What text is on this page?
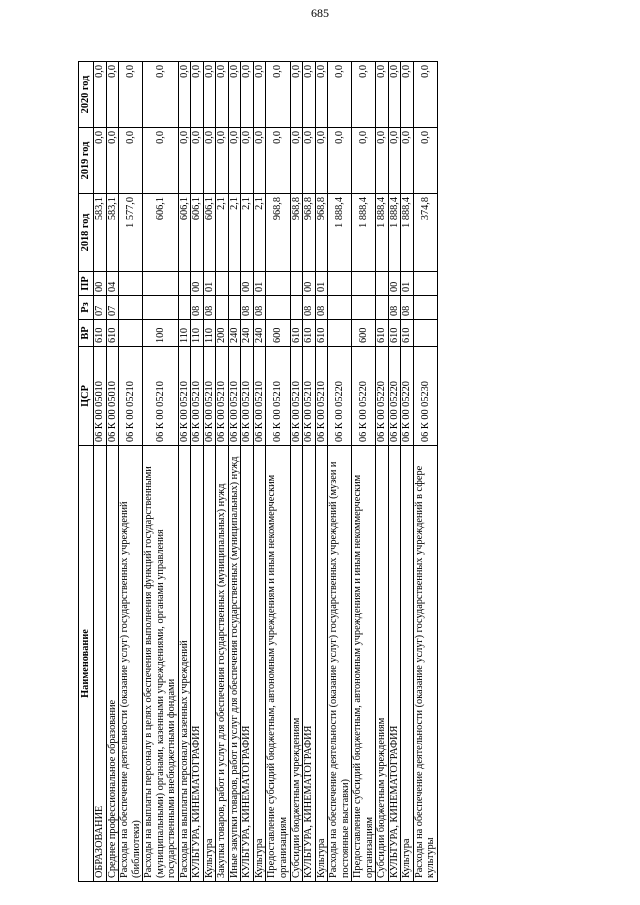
685
Наименование	ЦСР	ВР	Рз	ПР	2018 год	2019 год	2020 год
ОБРАЗОВАНИЕ	06 К 00 05010	610	07	00	583,1	0,0	0,0
Среднее профессиональное образование	06 К 00 05010	610	07	04	583,1	0,0	0,0
Расходы на обеспечение деятельности (оказание услуг) государственных учреждений (библиотеки)	06 К 00 05210				1 577,0	0,0	0,0
Расходы на выплаты персоналу в целях обеспечения выполнения функций государственными (муниципальными) органами, казенными учреждениями, органами управления государственными внебюджетными фондами	06 К 00 05210	100			606,1	0,0	0,0
Расходы на выплаты персоналу казенных учреждений	06 К 00 05210	110			606,1	0,0	0,0
КУЛЬТУРА, КИНЕМАТОГРАФИЯ	06 К 00 05210	110	08	00	606,1	0,0	0,0
Культура	06 К 00 05210	110	08	01	606,1	0,0	0,0
Закупка товаров, работ и услуг для обеспечения государственных (муниципальных) нужд	06 К 00 05210	200			2,1	0,0	0,0
Иные закупки товаров, работ и услуг для обеспечения государственных (муниципальных) нужд	06 К 00 05210	240			2,1	0,0	0,0
КУЛЬТУРА, КИНЕМАТОГРАФИЯ	06 К 00 05210	240	08	00	2,1	0,0	0,0
Культура	06 К 00 05210	240	08	01	2,1	0,0	0,0
Предоставление субсидий бюджетным, автономным учреждениям и иным некоммерческим организациям	06 К 00 05210	600			968,8	0,0	0,0
Субсидии бюджетным учреждениям	06 К 00 05210	610			968,8	0,0	0,0
КУЛЬТУРА, КИНЕМАТОГРАФИЯ	06 К 00 05210	610	08	00	968,8	0,0	0,0
Культура	06 К 00 05210	610	08	01	968,8	0,0	0,0
Расходы на обеспечение деятельности (оказание услуг) государственных учреждений (музеи и постоянные выставки)	06 К 00 05220				1 888,4	0,0	0,0
Предоставление субсидий бюджетным, автономным учреждениям и иным некоммерческим организациям	06 К 00 05220	600			1 888,4	0,0	0,0
Субсидии бюджетным учреждениям	06 К 00 05220	610			1 888,4	0,0	0,0
КУЛЬТУРА, КИНЕМАТОГРАФИЯ	06 К 00 05220	610	08	00	1 888,4	0,0	0,0
Культура	06 К 00 05220	610	08	01	1 888,4	0,0	0,0
Расходы на обеспечение деятельности (оказание услуг) государственных учреждений в сфере культуры	06 К 00 05230				374,8	0,0	0,0
